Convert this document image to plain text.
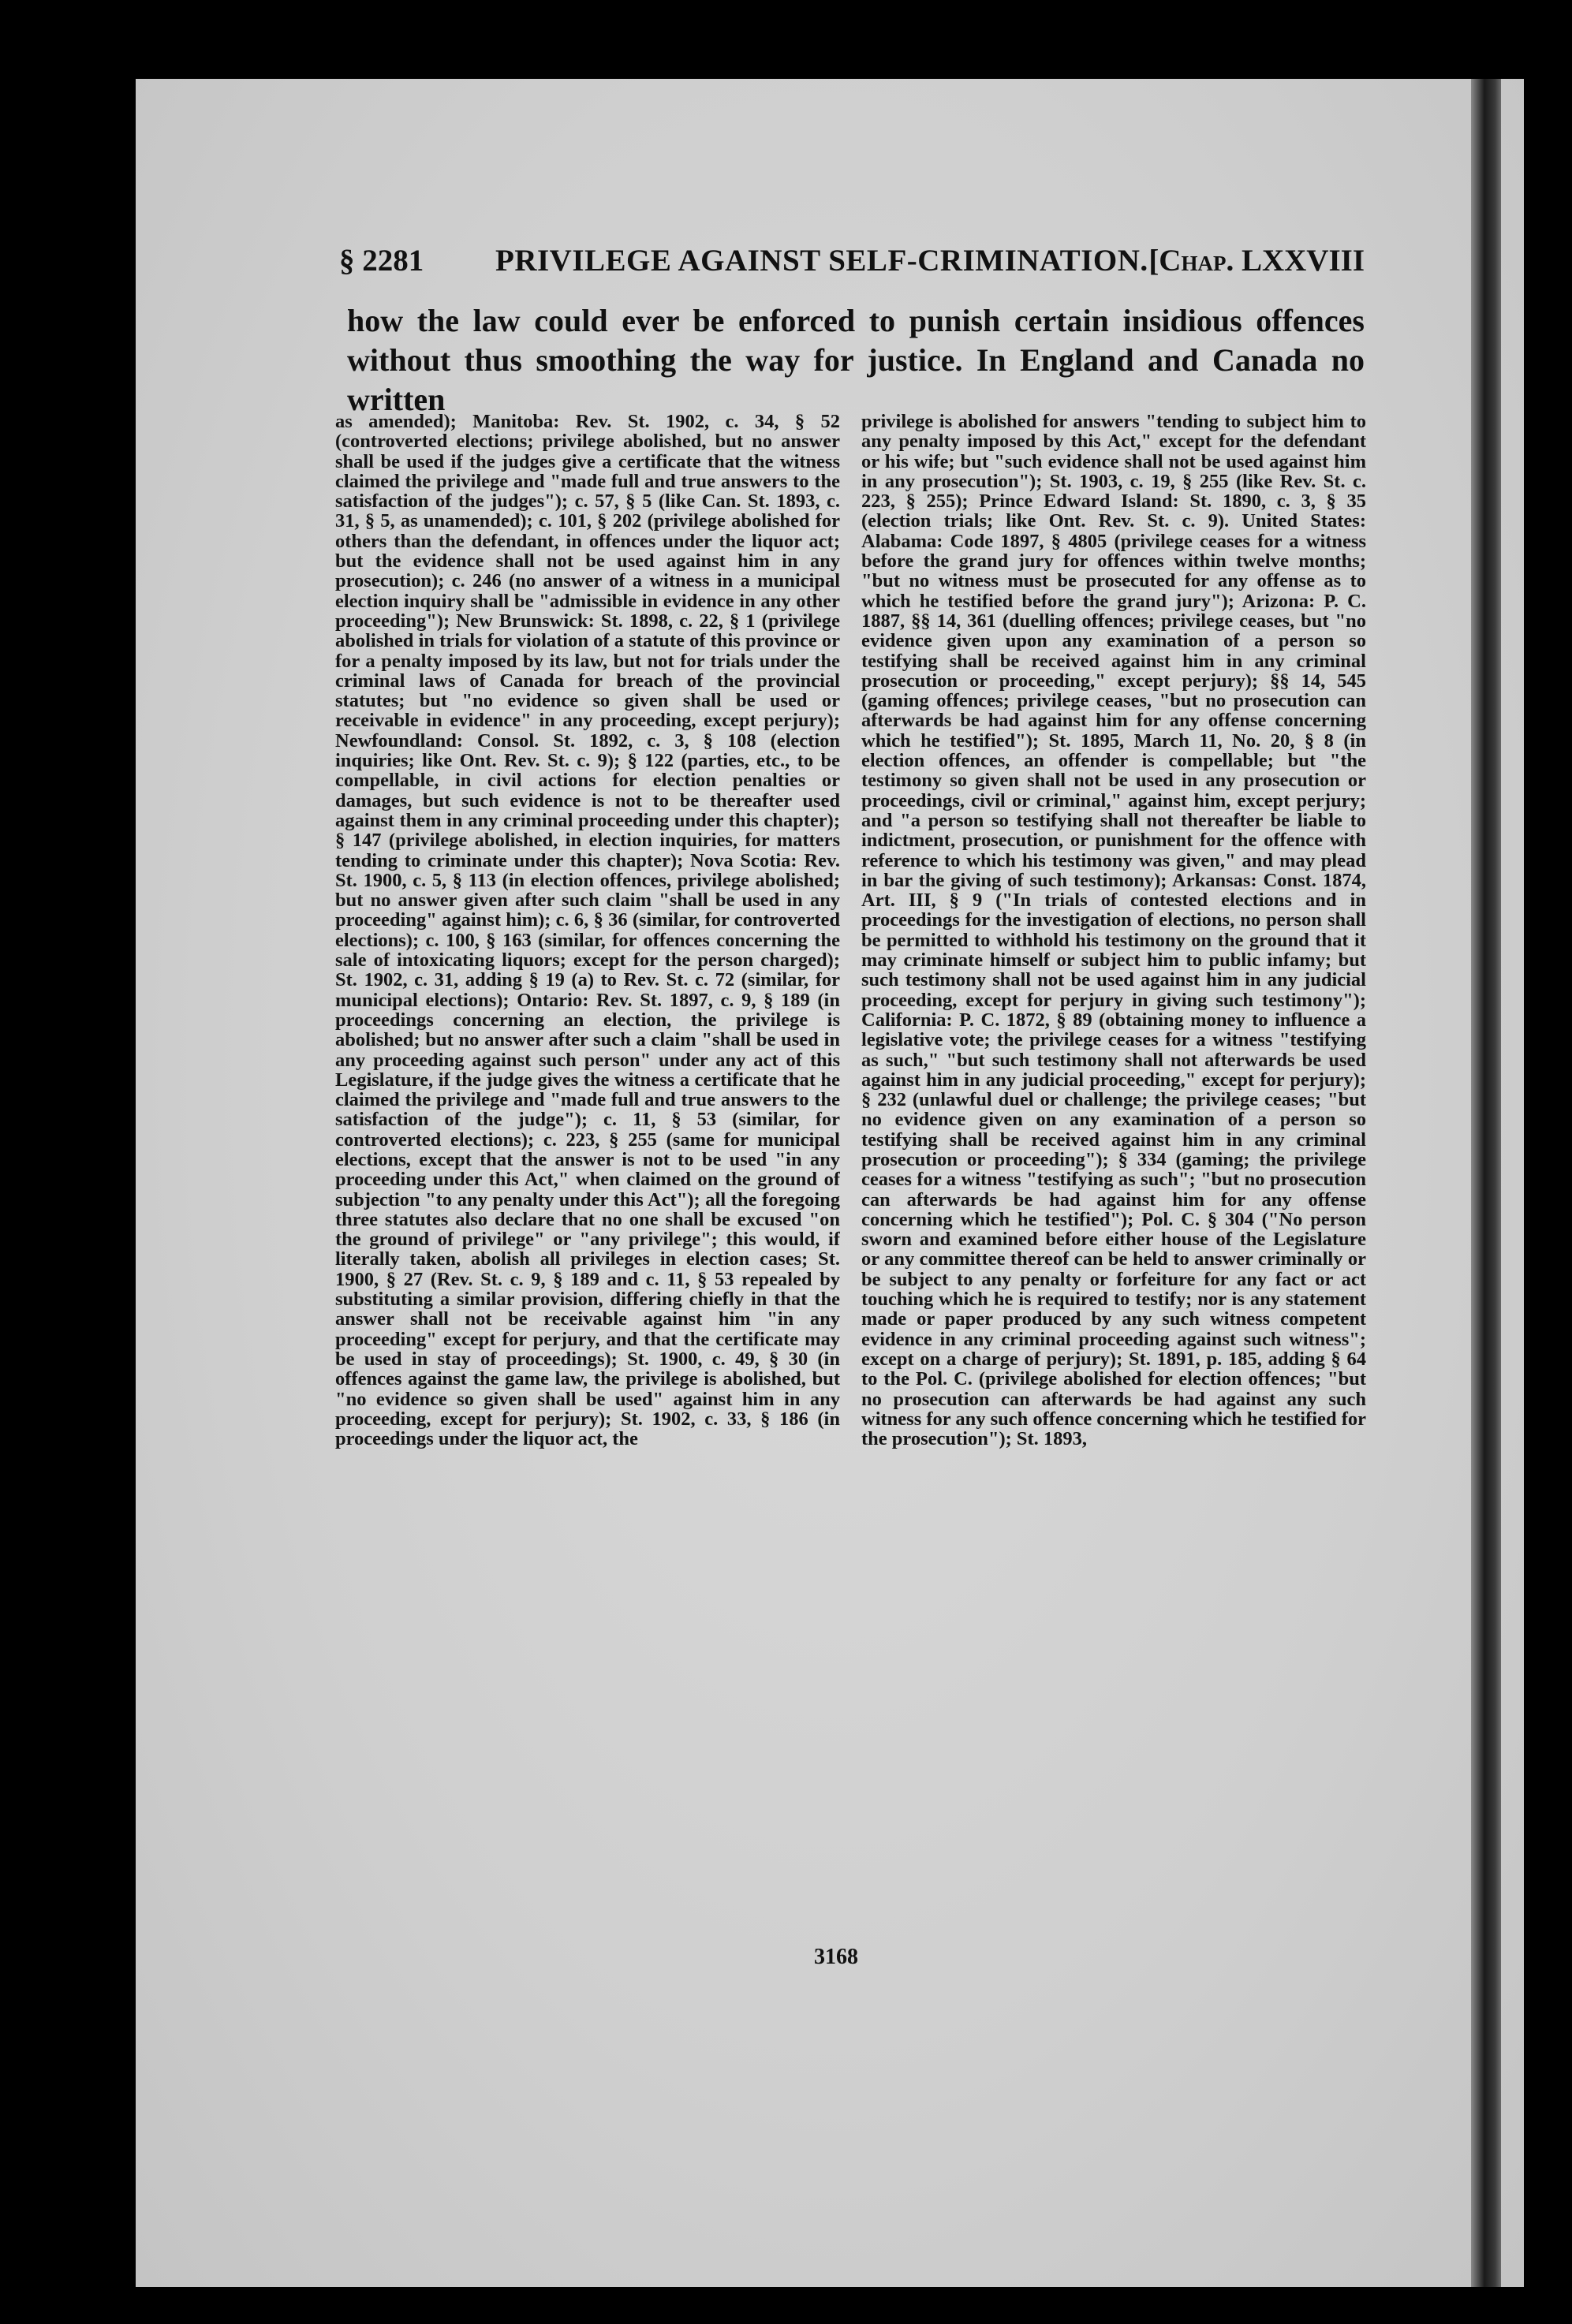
§ 2281 PRIVILEGE AGAINST SELF-CRIMINATION. [Chap. LXXVIII
how the law could ever be enforced to punish certain insidious offences without thus smoothing the way for justice. In England and Canada no written
as amended); Manitoba: Rev. St. 1902, c. 34, § 52 (controverted elections; privilege abolished, but no answer shall be used if the judges give a certificate that the witness claimed the privilege and "made full and true answers to the satisfaction of the judges"); c. 57, § 5 (like Can. St. 1893, c. 31, § 5, as unamended); c. 101, § 202 (privilege abolished for others than the defendant, in offences under the liquor act; but the evidence shall not be used against him in any prosecution); c. 246 (no answer of a witness in a municipal election inquiry shall be "admissible in evidence in any other proceeding"); New Brunswick: St. 1898, c. 22, § 1 (privilege abolished in trials for violation of a statute of this province or for a penalty imposed by its law, but not for trials under the criminal laws of Canada for breach of the provincial statutes; but "no evidence so given shall be used or receivable in evidence" in any proceeding, except perjury); Newfoundland: Consol. St. 1892, c. 3, § 108 (election inquiries; like Ont. Rev. St. c. 9); § 122 (parties, etc., to be compellable, in civil actions for election penalties or damages, but such evidence is not to be thereafter used against them in any criminal proceeding under this chapter); § 147 (privilege abolished, in election inquiries, for matters tending to criminate under this chapter); Nova Scotia: Rev. St. 1900, c. 5, § 113 (in election offences, privilege abolished; but no answer given after such claim "shall be used in any proceeding" against him); c. 6, § 36 (similar, for controverted elections); c. 100, § 163 (similar, for offences concerning the sale of intoxicating liquors; except for the person charged); St. 1902, c. 31, adding § 19 (a) to Rev. St. c. 72 (similar, for municipal elections); Ontario: Rev. St. 1897, c. 9, § 189 (in proceedings concerning an election, the privilege is abolished; but no answer after such a claim "shall be used in any proceeding against such person" under any act of this Legislature, if the judge gives the witness a certificate that he claimed the privilege and "made full and true answers to the satisfaction of the judge"); c. 11, § 53 (similar, for controverted elections); c. 223, § 255 (same for municipal elections, except that the answer is not to be used "in any proceeding under this Act," when claimed on the ground of subjection "to any penalty under this Act"); all the foregoing three statutes also declare that no one shall be excused "on the ground of privilege" or "any privilege"; this would, if literally taken, abolish all privileges in election cases; St. 1900, § 27 (Rev. St. c. 9, § 189 and c. 11, § 53 repealed by substituting a similar provision, differing chiefly in that the answer shall not be receivable against him "in any proceeding" except for perjury, and that the certificate may be used in stay of proceedings); St. 1900, c. 49, § 30 (in offences against the game law, the privilege is abolished, but "no evidence so given shall be used" against him in any proceeding, except for perjury); St. 1902, c. 33, § 186 (in proceedings under the liquor act, the
privilege is abolished for answers "tending to subject him to any penalty imposed by this Act," except for the defendant or his wife; but "such evidence shall not be used against him in any prosecution"); St. 1903, c. 19, § 255 (like Rev. St. c. 223, § 255); Prince Edward Island: St. 1890, c. 3, § 35 (election trials; like Ont. Rev. St. c. 9). United States: Alabama: Code 1897, § 4805 (privilege ceases for a witness before the grand jury for offences within twelve months; "but no witness must be prosecuted for any offense as to which he testified before the grand jury"); Arizona: P. C. 1887, §§ 14, 361 (duelling offences; privilege ceases, but "no evidence given upon any examination of a person so testifying shall be received against him in any criminal prosecution or proceeding," except perjury); §§ 14, 545 (gaming offences; privilege ceases, "but no prosecution can afterwards be had against him for any offense concerning which he testified"); St. 1895, March 11, No. 20, § 8 (in election offences, an offender is compellable; but "the testimony so given shall not be used in any prosecution or proceedings, civil or criminal," against him, except perjury; and "a person so testifying shall not thereafter be liable to indictment, prosecution, or punishment for the offence with reference to which his testimony was given," and may plead in bar the giving of such testimony); Arkansas: Const. 1874, Art. III, § 9 ("In trials of contested elections and in proceedings for the investigation of elections, no person shall be permitted to withhold his testimony on the ground that it may criminate himself or subject him to public infamy; but such testimony shall not be used against him in any judicial proceeding, except for perjury in giving such testimony"); California: P. C. 1872, § 89 (obtaining money to influence a legislative vote; the privilege ceases for a witness "testifying as such," "but such testimony shall not afterwards be used against him in any judicial proceeding," except for perjury); § 232 (unlawful duel or challenge; the privilege ceases; "but no evidence given on any examination of a person so testifying shall be received against him in any criminal prosecution or proceeding"); § 334 (gaming; the privilege ceases for a witness "testifying as such"; "but no prosecution can afterwards be had against him for any offense concerning which he testified"); Pol. C. § 304 ("No person sworn and examined before either house of the Legislature or any committee thereof can be held to answer criminally or be subject to any penalty or forfeiture for any fact or act touching which he is required to testify; nor is any statement made or paper produced by any such witness competent evidence in any criminal proceeding against such witness"; except on a charge of perjury); St. 1891, p. 185, adding § 64 to the Pol. C. (privilege abolished for election offences; "but no prosecution can afterwards be had against any such witness for any such offence concerning which he testified for the prosecution"); St. 1893,
3168
